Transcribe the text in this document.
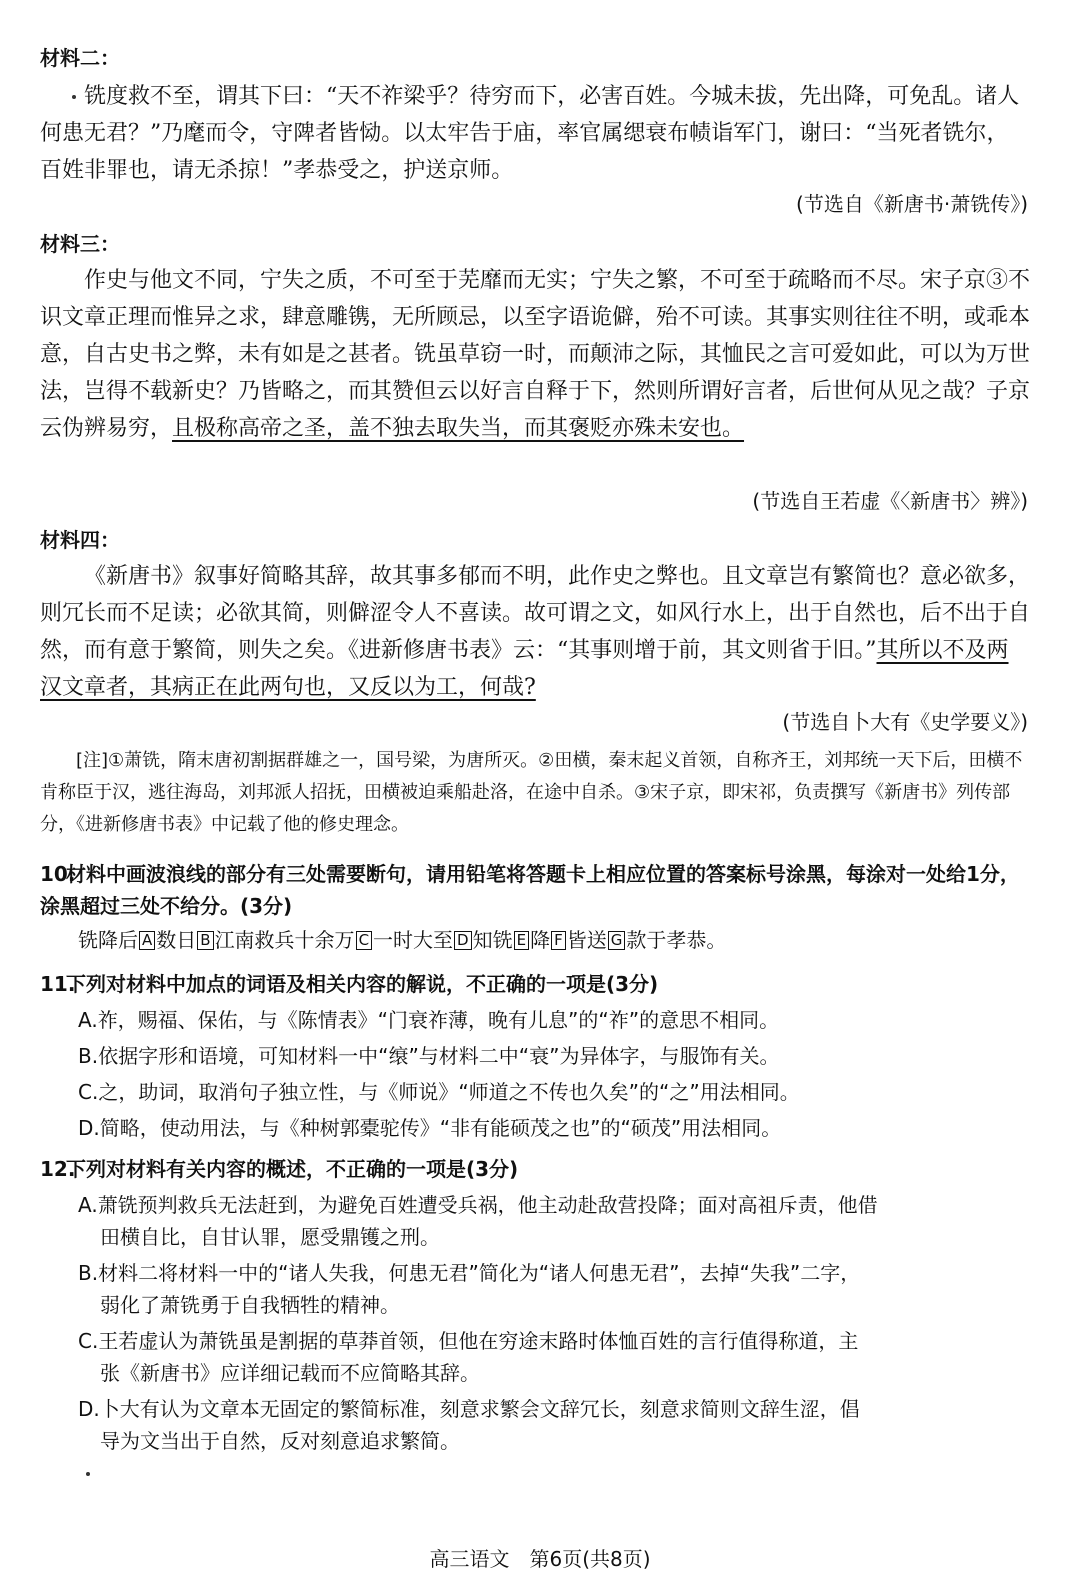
材料二：

铣度救不至，谓其下曰：“天不祚梁乎？待穷而下，必害百姓。今城未拔，先出降，可免乱。诸人何患无君？”乃麾而令，守陴者皆恸。以太牢告于庙，率官属缌衰布帻诣军门，谢曰：“当死者铣尔，百姓非罪也，请无杀掠！”孝恭受之，护送京师。

(节选自《新唐书·萧铣传》)
材料三：

作史与他文不同，宁失之质，不可至于芜靡而无实；宁失之繁，不可至于疏略而不尽。宋子京③不识文章正理而惟异之求，肆意雕镌，无所顾忌，以至字语诡僻，殆不可读。其事实则往往不明，或乖本意，自古史书之弊，未有如是之甚者。铣虽草窃一时，而颠沛之际，其恤民之言可爱如此，可以为万世法，岂得不载新史？乃皆略之，而其赞但云以好言自释于下，然则所谓好言者，后世何从见之哉？子京云伪辨易穷，且极称高帝之圣，盖不独去取失当，而其褒贬亦殊未安也。

(节选自王若虚《〈新唐书〉辨》)
材料四：

《新唐书》叙事好简略其辞，故其事多郁而不明，此作史之弊也。且文章岂有繁简也？意必欲多，则冗长而不足读；必欲其简，则僻涩令人不喜读。故可谓之文，如风行水上，出于自然也，后不出于自然，而有意于繁简，则失之矣。《进新修唐书表》云：“其事则增于前，其文则省于旧。”其所以不及两汉文章者，其病正在此两句也，又反以为工，何哉?

(节选自卜大有《史学要义》)
[注]①萧铣，隋末唐初割据群雄之一，国号梁，为唐所灭。②田横，秦末起义首领，自称齐王，刘邦统一天下后，田横不肯称臣于汉，逃往海岛，刘邦派人招抚，田横被迫乘船赴洛，在途中自杀。③宋子京，即宋祁，负责撰写《新唐书》列传部分，《进新修唐书表》中记载了他的修史理念。
10.材料中画波浪线的部分有三处需要断句，请用铅笔将答题卡上相应位置的答案标号涂黑，每涂对一处给1分，涂黑超过三处不给分。(3分)
铣降后 A 数日 B 江南救兵十余万 C 一时大至 D 知铣 E 降 F 皆送 G 款于孝恭。
11.下列对材料中加点的词语及相关内容的解说，不正确的一项是(3分)
A.祚，赐福、保佑，与《陈情表》“门衰祚薄，晚有儿息”的“祚”的意思不相同。
B.依据字形和语境，可知材料一中“缞”与材料二中“衰”为异体字，与服饰有关。
C.之，助词，取消句子独立性，与《师说》“师道之不传也久矣”的“之”用法相同。
D.简略，使动用法，与《种树郭橐驼传》“非有能硕茂之也”的“硕茂”用法相同。
12.下列对材料有关内容的概述，不正确的一项是(3分)
A.萧铣预判救兵无法赶到，为避免百姓遭受兵祸，他主动赴敌营投降；面对高祖斥责，他借
田横自比，自甘认罪，愿受鼎镬之刑。
B.材料二将材料一中的“诸人失我，何患无君”简化为“诸人何患无君”，去掉“失我”二字，
弱化了萧铣勇于自我牺牲的精神。
C.王若虚认为萧铣虽是割据的草莽首领，但他在穷途末路时体恤百姓的言行值得称道，主
张《新唐书》应详细记载而不应简略其辞。
D.卜大有认为文章本无固定的繁简标准，刻意求繁会文辞冗长，刻意求简则文辞生涩，倡
导为文当出于自然，反对刻意追求繁简。
高三语文　第6页(共8页)
